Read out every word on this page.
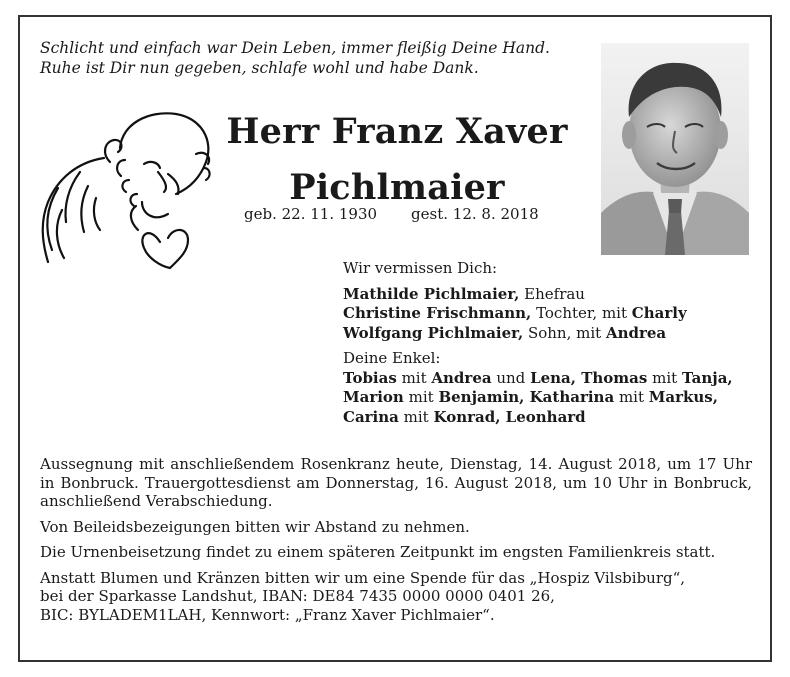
Schlicht und einfach war Dein Leben, immer fleißig Deine Hand.
Ruhe ist Dir nun gegeben, schlafe wohl und habe Dank.
Herr Franz Xaver
Pichlmaier
geb. 22. 11. 1930 gest. 12. 8. 2018
Wir vermissen Dich:
Mathilde Pichlmaier, Ehefrau
Christine Frischmann, Tochter, mit Charly
Wolfgang Pichlmaier, Sohn, mit Andrea
Deine Enkel:
Tobias mit Andrea und Lena, Thomas mit Tanja,
Marion mit Benjamin, Katharina mit Markus,
Carina mit Konrad, Leonhard

Aussegnung mit anschließendem Rosenkranz heute, Dienstag, 14. August 2018, um 17 Uhr in Bonbruck. Trauergottesdienst am Donnerstag, 16. August 2018, um 10 Uhr in Bonbruck, anschließend Verabschiedung.

Von Beileidsbezeigungen bitten wir Abstand zu nehmen.

Die Urnenbeisetzung findet zu einem späteren Zeitpunkt im engsten Familienkreis statt.

Anstatt Blumen und Kränzen bitten wir um eine Spende für das „Hospiz Vilsbiburg“,
bei der Sparkasse Landshut, IBAN: DE84 7435 0000 0000 0401 26,
BIC: BYLADEM1LAH, Kennwort: „Franz Xaver Pichlmaier“.
